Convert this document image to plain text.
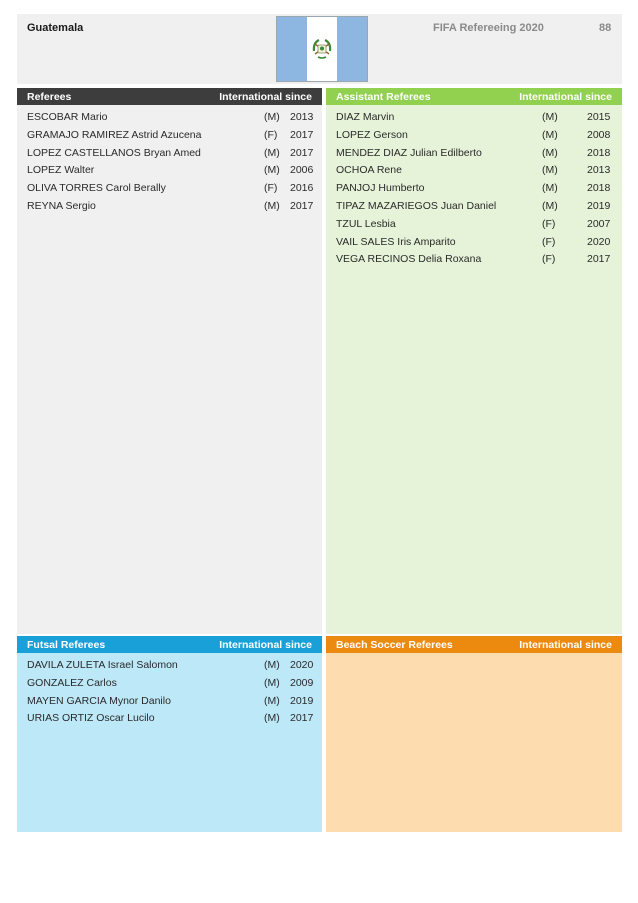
Guatemala	FIFA Refereeing 2020	88
Referees	International since
ESCOBAR Mario	(M) 2013
GRAMAJO RAMIREZ Astrid Azucena	(F) 2017
LOPEZ CASTELLANOS Bryan Amed	(M) 2017
LOPEZ Walter	(M) 2006
OLIVA TORRES Carol Berally	(F) 2016
REYNA Sergio	(M) 2017
Assistant Referees	International since
DIAZ Marvin	(M)	2015
LOPEZ Gerson	(M)	2008
MENDEZ DIAZ Julian Edilberto	(M)	2018
OCHOA Rene	(M)	2013
PANJOJ Humberto	(M)	2018
TIPAZ MAZARIEGOS Juan Daniel	(M)	2019
TZUL Lesbia	(F)	2007
VAIL SALES Iris Amparito	(F)	2020
VEGA RECINOS Delia Roxana	(F)	2017
Futsal Referees	International since
DAVILA ZULETA Israel Salomon	(M) 2020
GONZALEZ Carlos	(M) 2009
MAYEN GARCIA Mynor Danilo	(M) 2019
URIAS ORTIZ Oscar Lucilo	(M) 2017
Beach Soccer Referees	International since
